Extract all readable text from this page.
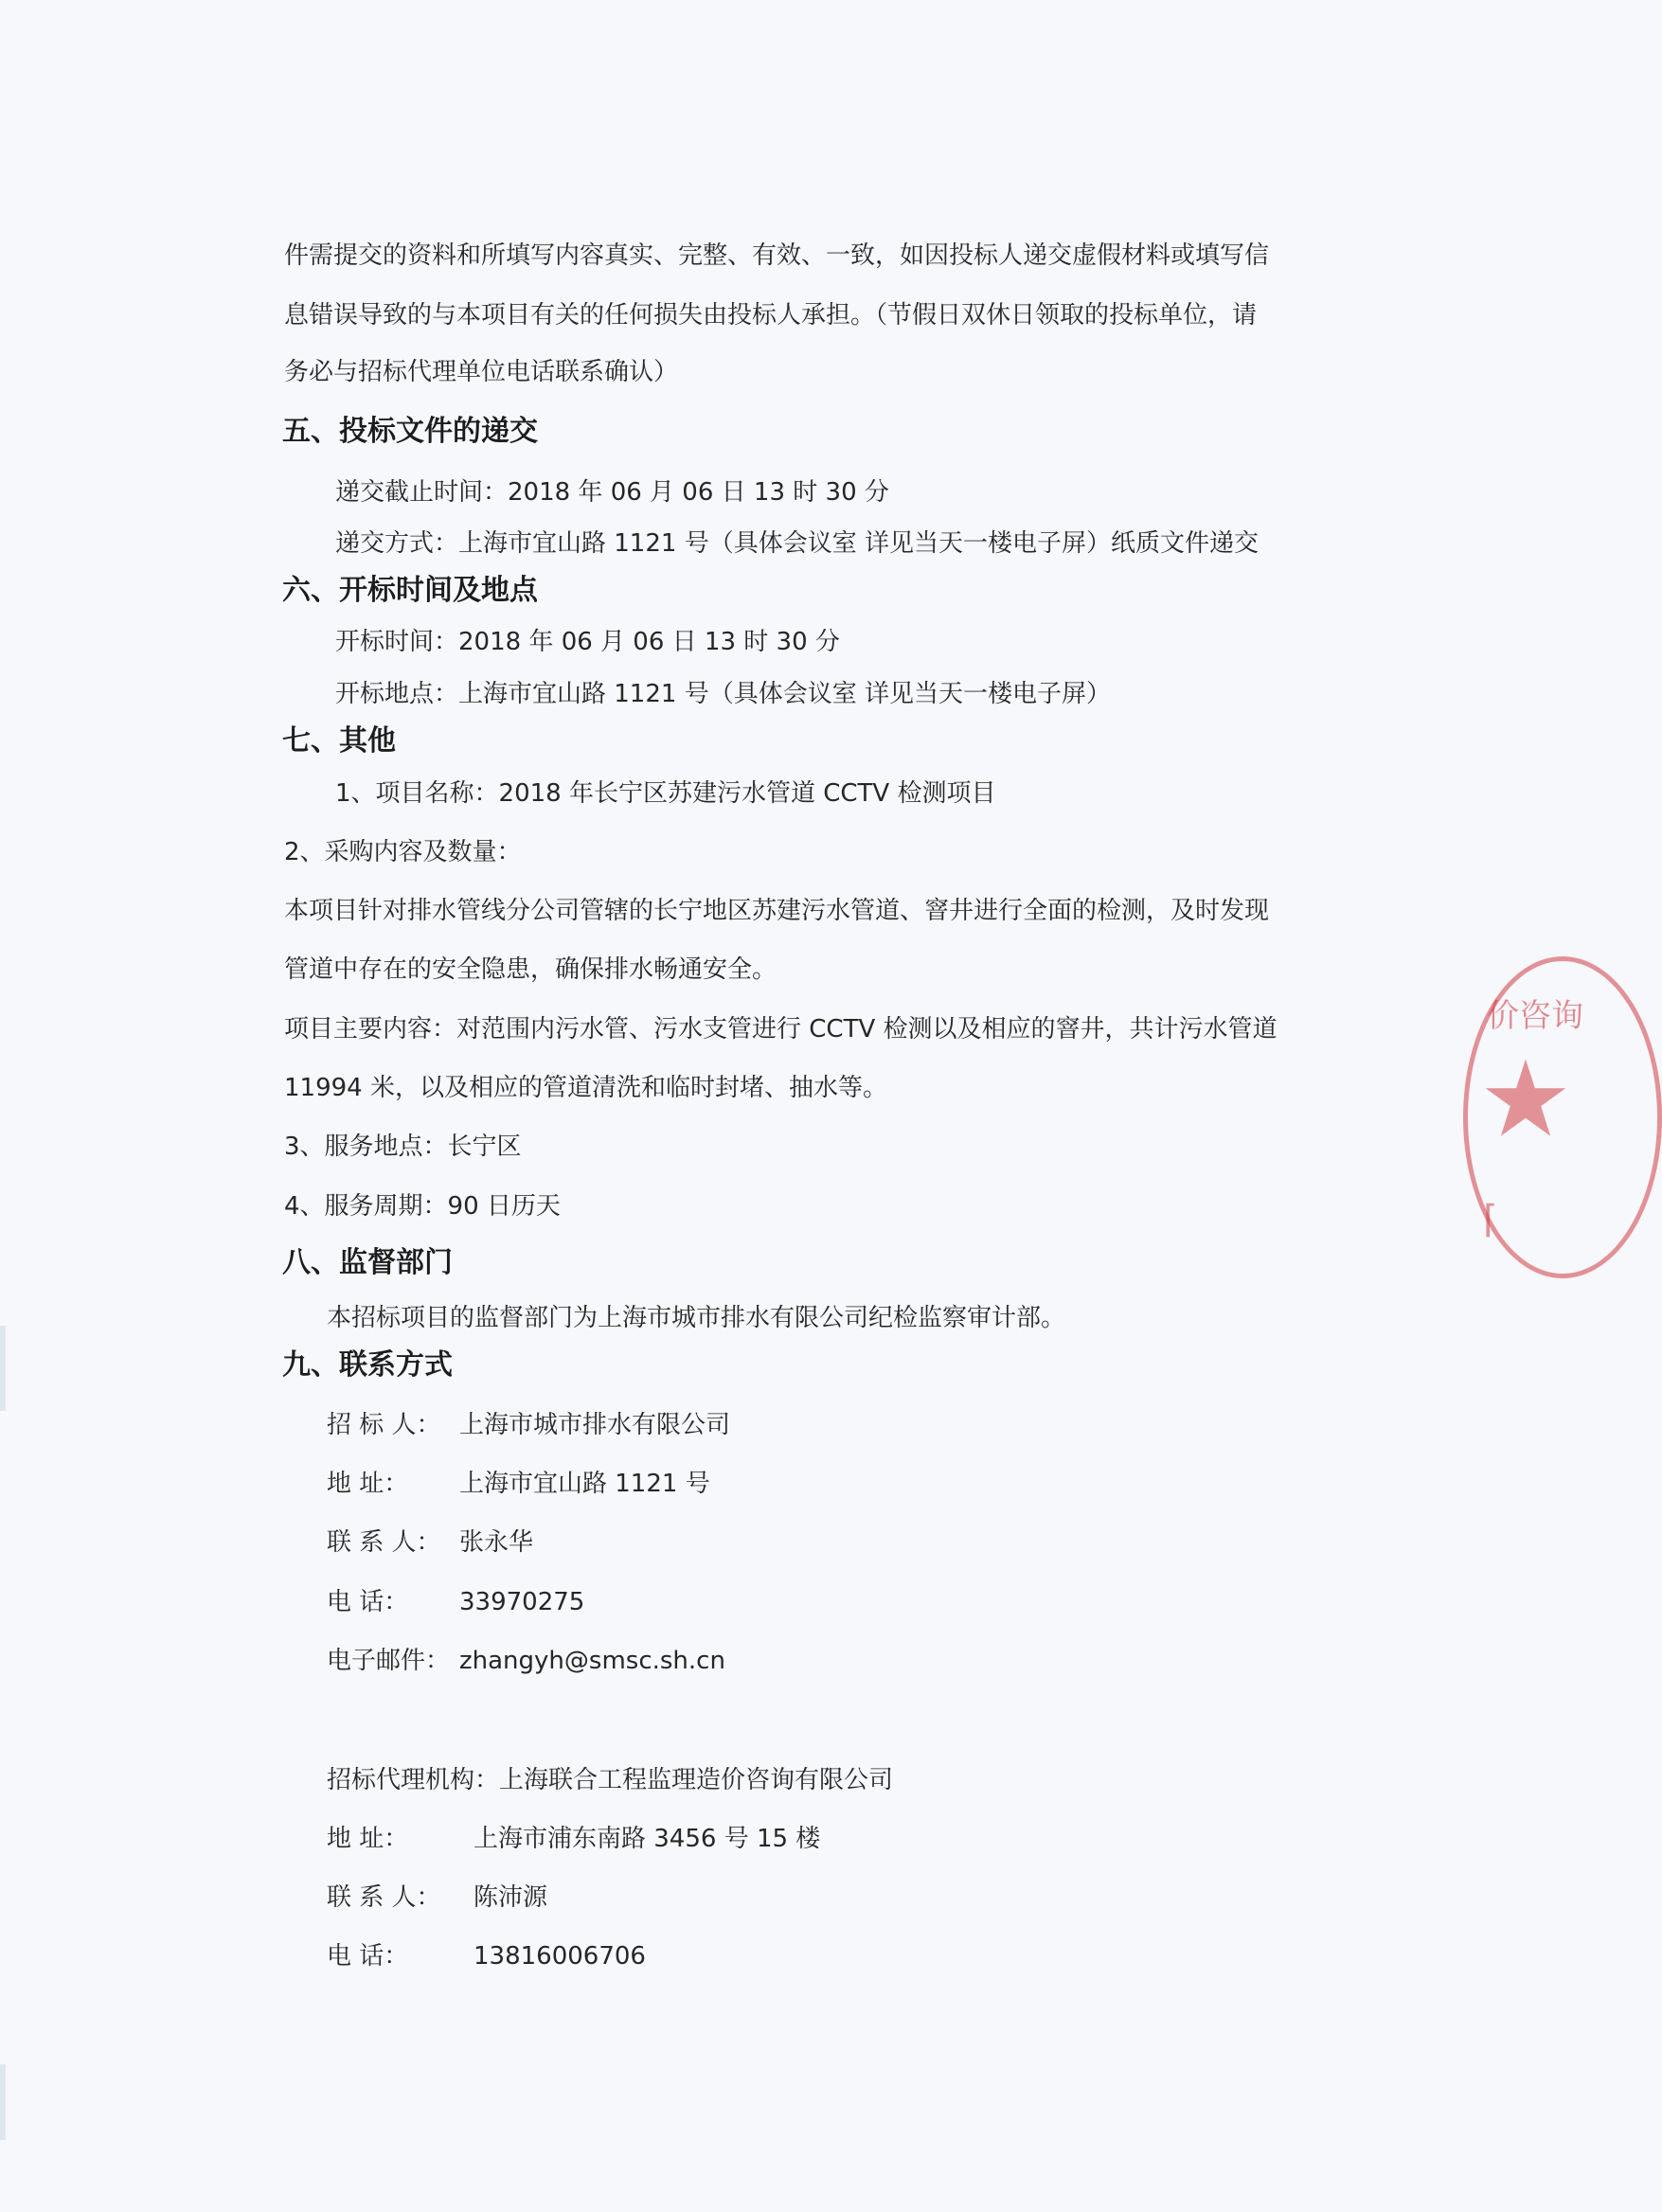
件需提交的资料和所填写内容真实、完整、有效、一致，如因投标人递交虚假材料或填写信
息错误导致的与本项目有关的任何损失由投标人承担。（节假日双休日领取的投标单位，请
务必与招标代理单位电话联系确认）
五、投标文件的递交
递交截止时间：2018 年 06 月 06 日 13 时 30 分
递交方式：上海市宜山路 1121 号（具体会议室 详见当天一楼电子屏）纸质文件递交
六、开标时间及地点
开标时间：2018 年 06 月 06 日 13 时 30 分
开标地点：上海市宜山路 1121 号（具体会议室 详见当天一楼电子屏）
七、其他
1、项目名称：2018 年长宁区苏建污水管道 CCTV 检测项目
2、采购内容及数量：
本项目针对排水管线分公司管辖的长宁地区苏建污水管道、窨井进行全面的检测，及时发现
管道中存在的安全隐患，确保排水畅通安全。
项目主要内容：对范围内污水管、污水支管进行 CCTV 检测以及相应的窨井，共计污水管道
11994 米，以及相应的管道清洗和临时封堵、抽水等。
3、服务地点：长宁区
4、服务周期：90 日历天
八、监督部门
本招标项目的监督部门为上海市城市排水有限公司纪检监察审计部。
九、联系方式
招 标 人： 上海市城市排水有限公司
地 址： 上海市宜山路 1121 号
联 系 人： 张永华
电 话： 33970275
电子邮件： zhangyh@smsc.sh.cn
招标代理机构：上海联合工程监理造价咨询有限公司
地 址：	上海市浦东南路 3456 号 15 楼
联 系 人： 陈沛源
电 话：	13816006706
价咨询
⌈
